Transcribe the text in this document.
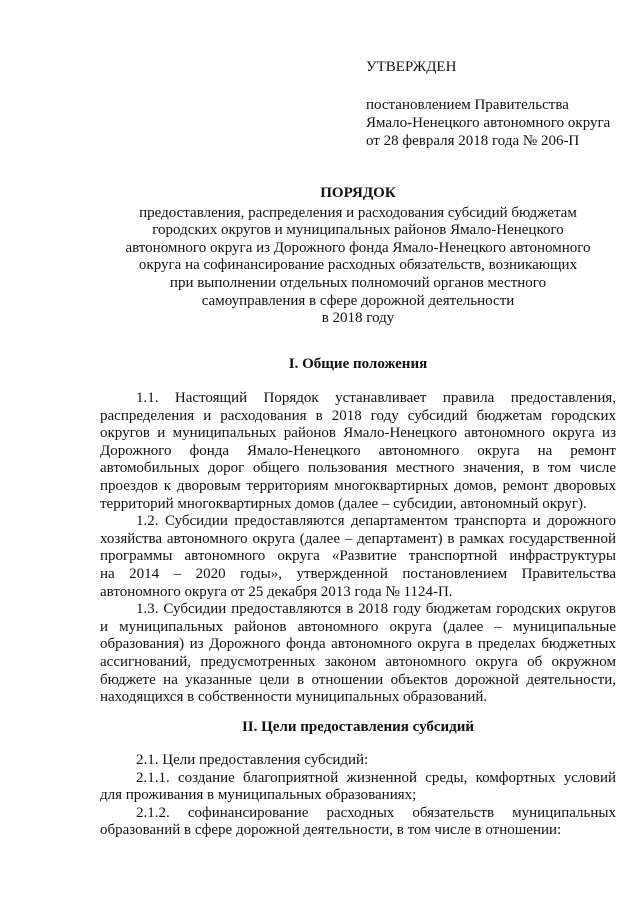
УТВЕРЖДЕН
постановлением Правительства
Ямало-Ненецкого автономного округа
от 28 февраля 2018 года № 206-П
ПОРЯДОК
предоставления, распределения и расходования субсидий бюджетам
городских округов и муниципальных районов Ямало-Ненецкого
автономного округа из Дорожного фонда Ямало-Ненецкого автономного
округа на софинансирование расходных обязательств, возникающих
при выполнении отдельных полномочий органов местного
самоуправления в сфере дорожной деятельности
в 2018 году
I. Общие положения
1.1. Настоящий Порядок устанавливает правила предоставления,
распределения и расходования в 2018 году субсидий бюджетам городских
округов и муниципальных районов Ямало-Ненецкого автономного округа из
Дорожного фонда Ямало-Ненецкого автономного округа на ремонт
автомобильных дорог общего пользования местного значения, в том числе
проездов к дворовым территориям многоквартирных домов, ремонт дворовых
территорий многоквартирных домов (далее – субсидии, автономный округ).
1.2. Субсидии предоставляются департаментом транспорта и дорожного
хозяйства автономного округа (далее – департамент) в рамках государственной
программы автономного округа «Развитие транспортной инфраструктуры
на 2014 – 2020 годы», утвержденной постановлением Правительства
автономного округа от 25 декабря 2013 года № 1124-П.
1.3. Субсидии предоставляются в 2018 году бюджетам городских округов
и муниципальных районов автономного округа (далее – муниципальные
образования) из Дорожного фонда автономного округа в пределах бюджетных
ассигнований, предусмотренных законом автономного округа об окружном
бюджете на указанные цели в отношении объектов дорожной деятельности,
находящихся в собственности муниципальных образований.
II. Цели предоставления субсидий
2.1. Цели предоставления субсидий:
2.1.1. создание благоприятной жизненной среды, комфортных условий
для проживания в муниципальных образованиях;
2.1.2. софинансирование расходных обязательств муниципальных
образований в сфере дорожной деятельности, в том числе в отношении:
